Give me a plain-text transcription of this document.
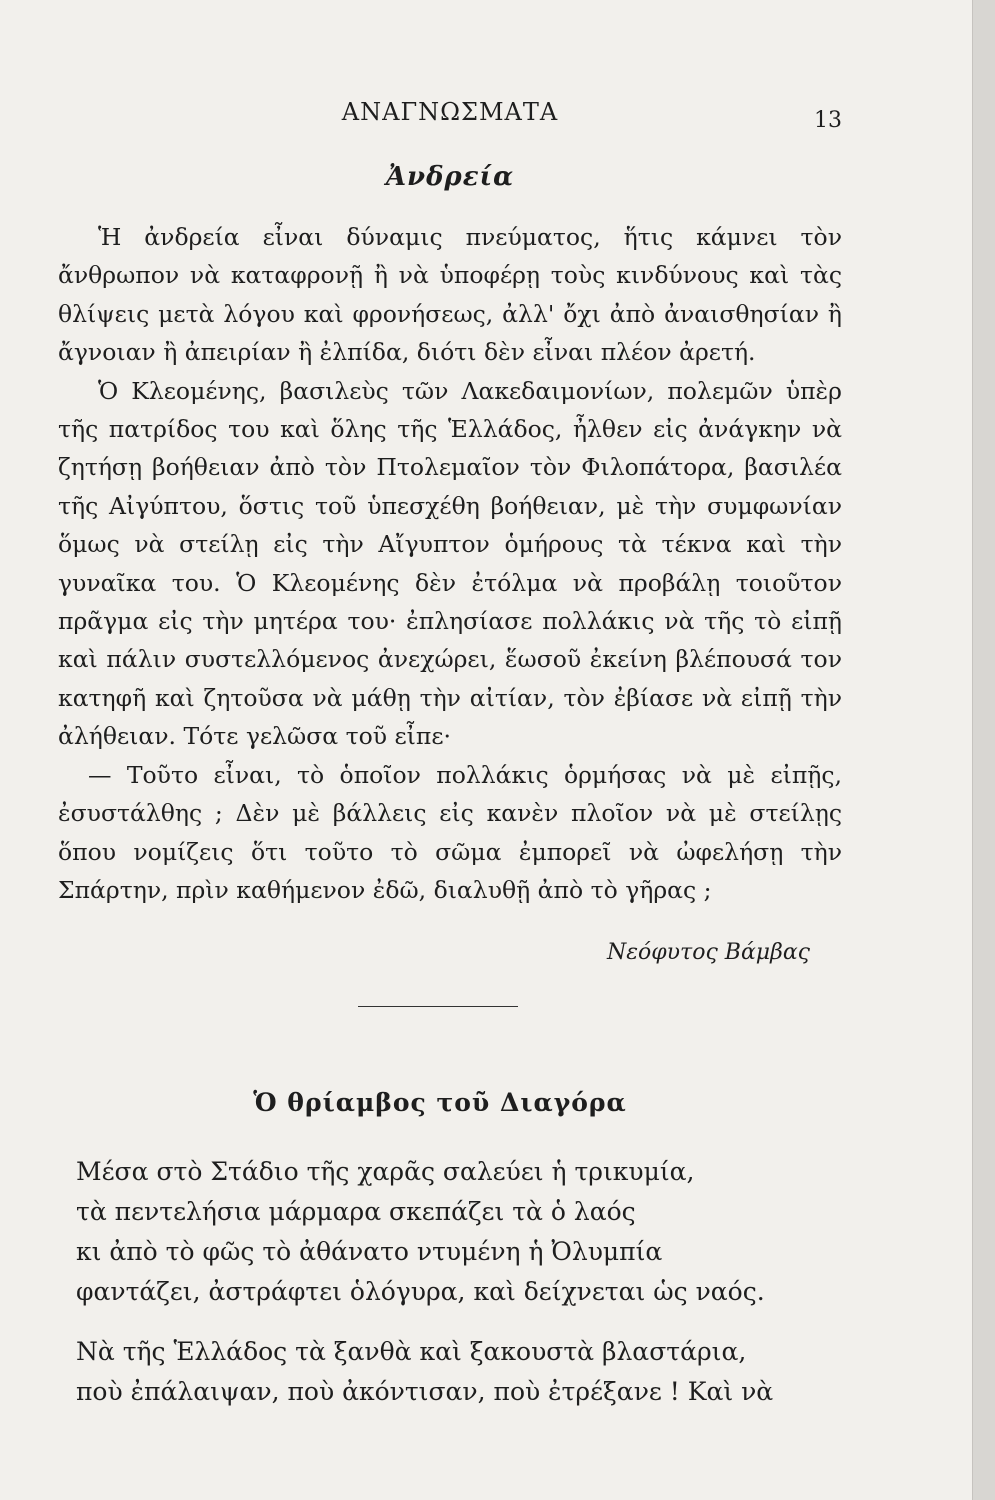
ΑΝΑΓΝΩΣΜΑΤΑ	13
Ἀνδρεία

Ἡ ἀνδρεία εἶναι δύναμις πνεύματος, ἥτις κάμνει τὸν ἄνθρωπον νὰ καταφρονῇ ἢ νὰ ὑποφέρῃ τοὺς κινδύνους καὶ τὰς θλίψεις μετὰ λόγου καὶ φρονήσεως, ἀλλ' ὄχι ἀπὸ ἀναισθησίαν ἢ ἄγνοιαν ἢ ἀπειρίαν ἢ ἐλπίδα, διότι δὲν εἶναι πλέον ἀρετή.

Ὁ Κλεομένης, βασιλεὺς τῶν Λακεδαιμονίων, πολεμῶν ὑπὲρ τῆς πατρίδος του καὶ ὅλης τῆς Ἑλλάδος, ἦλθεν εἰς ἀνάγκην νὰ ζητήσῃ βοήθειαν ἀπὸ τὸν Πτολεμαῖον τὸν Φιλοπάτορα, βασιλέα τῆς Αἰγύπτου, ὅστις τοῦ ὑπεσχέθη βοήθειαν, μὲ τὴν συμφωνίαν ὅμως νὰ στείλῃ εἰς τὴν Αἴγυπτον ὁμήρους τὰ τέκνα καὶ τὴν γυναῖκα του. Ὁ Κλεομένης δὲν ἐτόλμα νὰ προβάλῃ τοιοῦτον πρᾶγμα εἰς τὴν μητέρα του· ἐπλησίασε πολλάκις νὰ τῆς τὸ εἰπῇ καὶ πάλιν συστελλόμενος ἀνεχώρει, ἕωσοῦ ἐκείνη βλέπουσά τον κατηφῆ καὶ ζητοῦσα νὰ μάθῃ τὴν αἰτίαν, τὸν ἐβίασε νὰ εἰπῇ τὴν ἀλήθειαν. Τότε γελῶσα τοῦ εἶπε·

— Τοῦτο εἶναι, τὸ ὁποῖον πολλάκις ὁρμήσας νὰ μὲ εἰπῇς, ἐσυστάλθης ; Δὲν μὲ βάλλεις εἰς κανὲν πλοῖον νὰ μὲ στείλῃς ὅπου νομίζεις ὅτι τοῦτο τὸ σῶμα ἐμπορεῖ νὰ ὠφελήσῃ τὴν Σπάρτην, πρὶν καθήμενον ἐδῶ, διαλυθῇ ἀπὸ τὸ γῆρας ;

Νεόφυτος Βάμβας
Ὁ θρίαμβος τοῦ Διαγόρα
Μέσα στὸ Στάδιο τῆς χαρᾶς σαλεύει ἡ τρικυμία,
τὰ πεντελήσια μάρμαρα σκεπάζει τὰ ὁ λαός
κι ἀπὸ τὸ φῶς τὸ ἀθάνατο ντυμένη ἡ Ὀλυμπία
φαντάζει, ἀστράφτει ὁλόγυρα, καὶ δείχνεται ὡς ναός.
Νὰ τῆς Ἑλλάδος τὰ ξανθὰ καὶ ξακουστὰ βλαστάρια,
ποὺ ἐπάλαιψαν, ποὺ ἀκόντισαν, ποὺ ἐτρέξανε ! Καὶ νὰ
